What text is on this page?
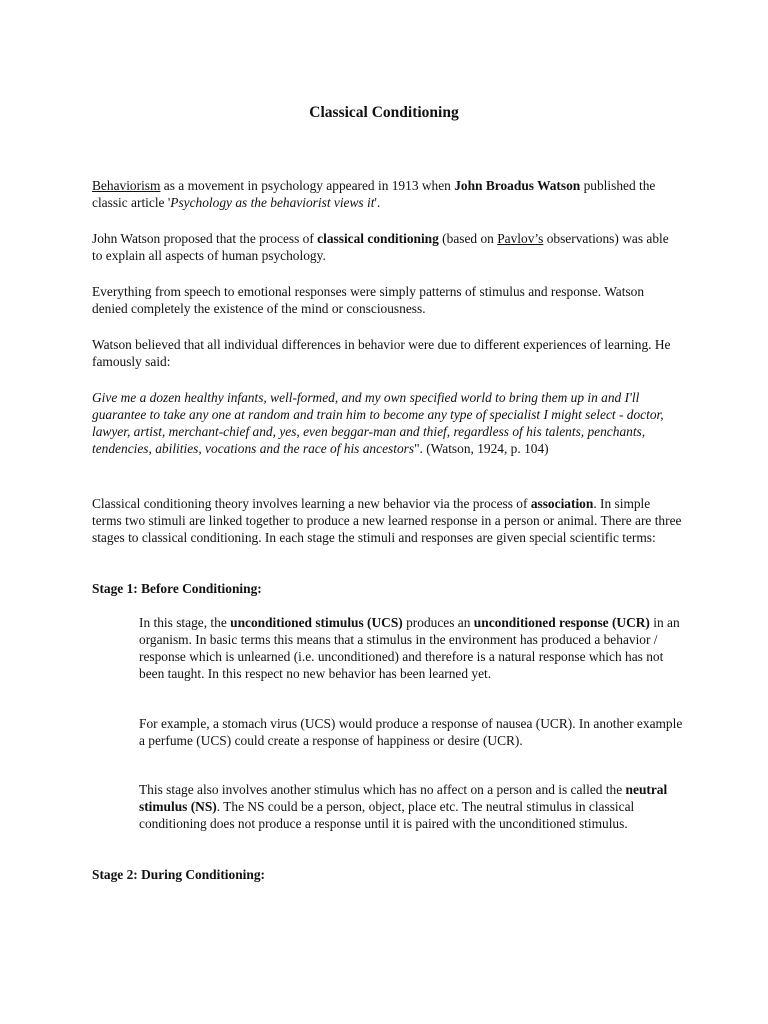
Classical Conditioning

Behaviorism as a movement in psychology appeared in 1913 when John Broadus Watson published the classic article 'Psychology as the behaviorist views it'.

John Watson proposed that the process of classical conditioning (based on Pavlov’s observations) was able to explain all aspects of human psychology.

Everything from speech to emotional responses were simply patterns of stimulus and response. Watson denied completely the existence of the mind or consciousness.

Watson believed that all individual differences in behavior were due to different experiences of learning. He famously said:

Give me a dozen healthy infants, well-formed, and my own specified world to bring them up in and I'll guarantee to take any one at random and train him to become any type of specialist I might select - doctor, lawyer, artist, merchant-chief and, yes, even beggar-man and thief, regardless of his talents, penchants, tendencies, abilities, vocations and the race of his ancestors". (Watson, 1924, p. 104)

Classical conditioning theory involves learning a new behavior via the process of association. In simple terms two stimuli are linked together to produce a new learned response in a person or animal. There are three stages to classical conditioning. In each stage the stimuli and responses are given special scientific terms:

Stage 1: Before Conditioning:

In this stage, the unconditioned stimulus (UCS) produces an unconditioned response (UCR) in an organism. In basic terms this means that a stimulus in the environment has produced a behavior / response which is unlearned (i.e. unconditioned) and therefore is a natural response which has not been taught. In this respect no new behavior has been learned yet.

For example, a stomach virus (UCS) would produce a response of nausea (UCR). In another example a perfume (UCS) could create a response of happiness or desire (UCR).

This stage also involves another stimulus which has no affect on a person and is called the neutral stimulus (NS). The NS could be a person, object, place etc. The neutral stimulus in classical conditioning does not produce a response until it is paired with the unconditioned stimulus.

Stage 2: During Conditioning:
